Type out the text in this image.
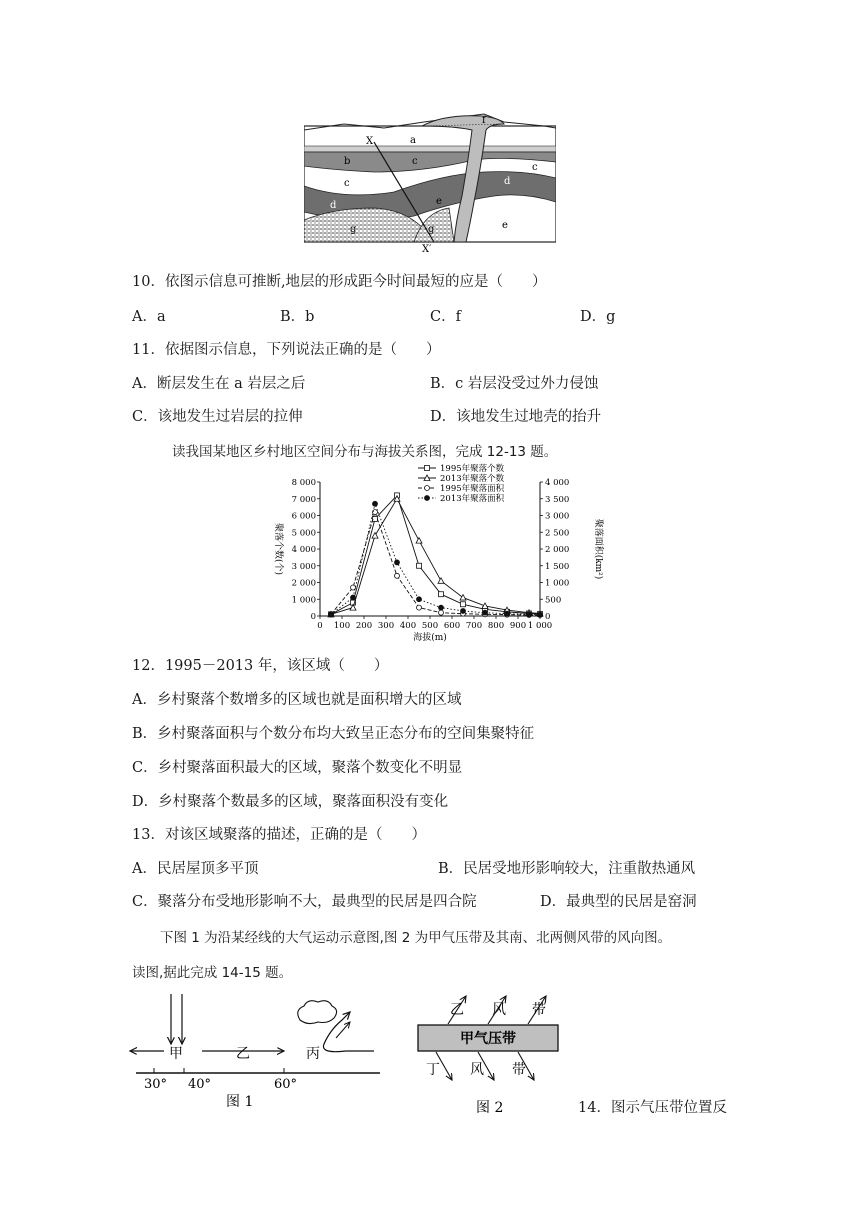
X
X′
a
b	c
c
c
d
d
d
e
e
f
g	g
10．依图示信息可推断,地层的形成距今时间最短的应是（　　）
A．a	B．b	C．f	D．g
11．依据图示信息，下列说法正确的是（　　）
A．断层发生在 a 岩层之后	B．c 岩层没受过外力侵蚀
C．该地发生过岩层的拉伸	D．该地发生过地壳的抬升
读我国某地区乡村地区空间分布与海拔关系图，完成 12-13 题。
0 100 200 300 400 500 600 700 800 900 1 000
0
1 000
2 000
3 000
4 000
5 000
6 000
7 000
8 000
0
500
1 000
1 500
2 000
2 500
3 000
3 500
4 000
海拔(m)
聚落个数(个)	聚落面积(km²)
1995年聚落个数
2013年聚落个数
1995年聚落面积
2013年聚落面积
12．1995－2013 年，该区域（　　）
A．乡村聚落个数增多的区域也就是面积增大的区域
B．乡村聚落面积与个数分布均大致呈正态分布的空间集聚特征
C．乡村聚落面积最大的区域，聚落个数变化不明显
D．乡村聚落个数最多的区域，聚落面积没有变化
13．对该区域聚落的描述，正确的是（　　）
A．民居屋顶多平顶	B．民居受地形影响较大，注重散热通风
C．聚落分布受地形影响不大，最典型的民居是四合院	D．最典型的民居是窑洞
下图 1 为沿某经线的大气运动示意图,图 2 为甲气压带及其南、北两侧风带的风向图。
读图,据此完成 14-15 题。
甲	乙	丙
30° 40°	60°
图 1
乙 风 带
甲气压带
丁 风 带
图 2	14．图示气压带位置反
